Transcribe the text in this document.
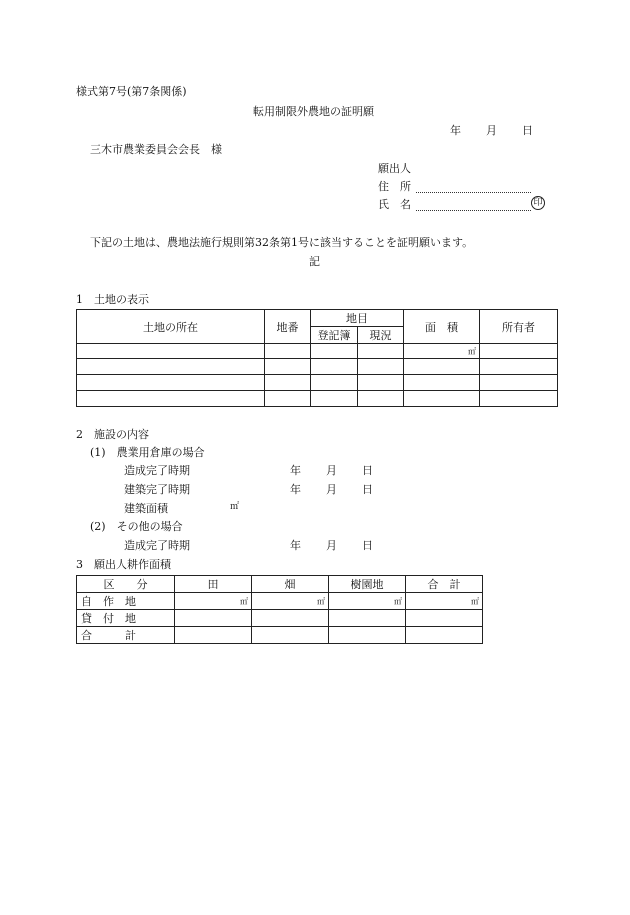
様式第7号(第7条関係)
転用制限外農地の証明願
年 月 日
三木市農業委員会会長　様
願出人
住　所
氏　名	印
下記の土地は、農地法施行規則第32条第1号に該当することを証明願います。
記
1　土地の表示
土地の所在	地番	地目		面　積	所有者
		登記簿	現況		
				㎡	

2　施設の内容
(1)　農業用倉庫の場合
造成完了時期	年 月 日
建築完了時期	年 月 日
建築面積	㎡
(2)　その他の場合
造成完了時期	年 月 日
3　願出人耕作面積
区　　分	田	畑	樹園地	合　計
自　作　地	㎡	㎡	㎡	㎡
貸　付　地				
合　　　計				
